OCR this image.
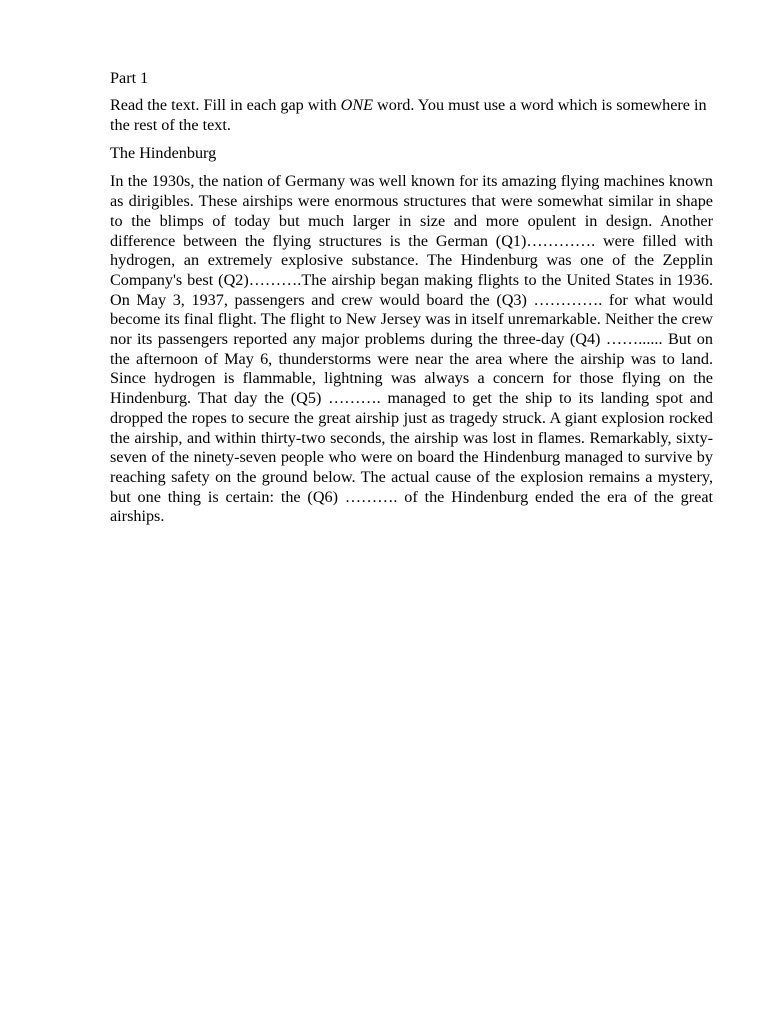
Part 1

Read the text. Fill in each gap with ONE word. You must use a word which is somewhere in the rest of the text.

The Hindenburg

In the 1930s, the nation of Germany was well known for its amazing flying machines known as dirigibles. These airships were enormous structures that were somewhat similar in shape to the blimps of today but much larger in size and more opulent in design. Another difference between the flying structures is the German (Q1)…………. were filled with hydrogen, an extremely explosive substance. The Hindenburg was one of the Zepplin Company's best (Q2)……….The airship began making flights to the United States in 1936. On May 3, 1937, passengers and crew would board the (Q3) …………. for what would become its final flight. The flight to New Jersey was in itself unremarkable. Neither the crew nor its passengers reported any major problems during the three-day (Q4) ……...... But on the afternoon of May 6, thunderstorms were near the area where the airship was to land. Since hydrogen is flammable, lightning was always a concern for those flying on the Hindenburg. That day the (Q5) ………. managed to get the ship to its landing spot and dropped the ropes to secure the great airship just as tragedy struck. A giant explosion rocked the airship, and within thirty-two seconds, the airship was lost in flames. Remarkably, sixty-seven of the ninety-seven people who were on board the Hindenburg managed to survive by reaching safety on the ground below. The actual cause of the explosion remains a mystery, but one thing is certain: the (Q6) ………. of the Hindenburg ended the era of the great airships.
